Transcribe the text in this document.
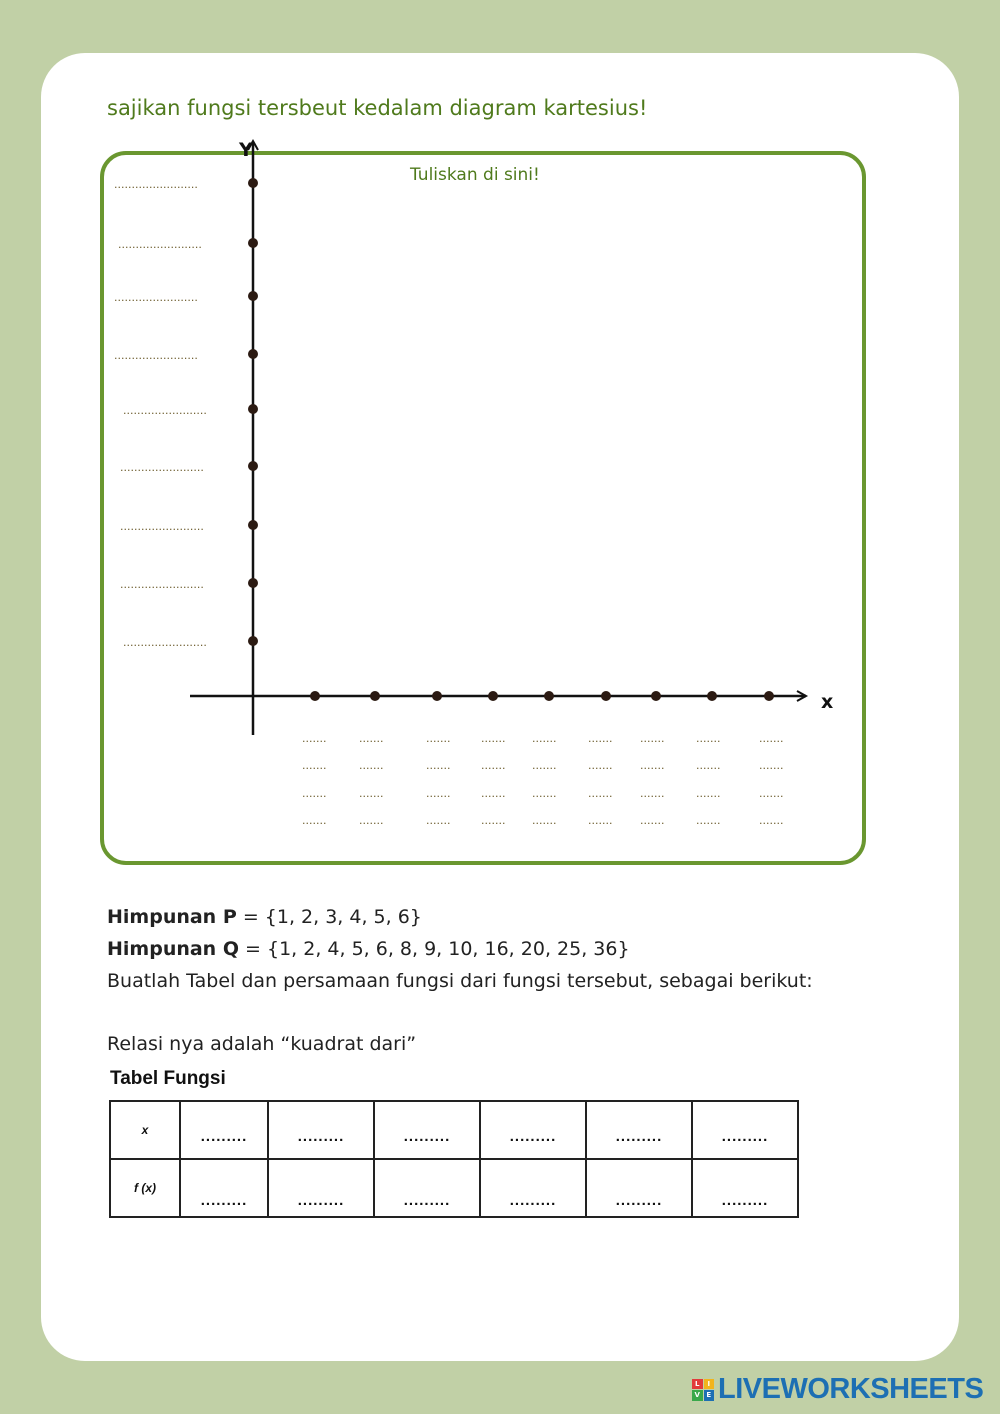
sajikan fungsi tersbeut kedalam diagram kartesius!
Tuliskan di sini!
Y
x
........................
........................
........................
........................
........................
........................
........................
........................
........................
.......
.......
.......
.......
.......
.......
.......
.......
.......
.......
.......
.......
.......
.......
.......
.......
.......
.......
.......
.......
.......
.......
.......
.......
.......
.......
.......
.......
.......
.......
.......
.......
.......
.......
.......
.......
Himpunan P = {1, 2, 3, 4, 5, 6}
Himpunan Q = {1, 2, 4, 5, 6, 8, 9, 10, 16, 20, 25, 36}
Buatlah Tabel dan persamaan fungsi dari fungsi tersebut, sebagai berikut:
Relasi nya adalah “kuadrat dari”
Tabel Fungsi
x	.........	.........	.........	.........	.........	.........
f (x)	.........	.........	.........	.........	.........	.........
L	I
V E LIVEWORKSHEETS
